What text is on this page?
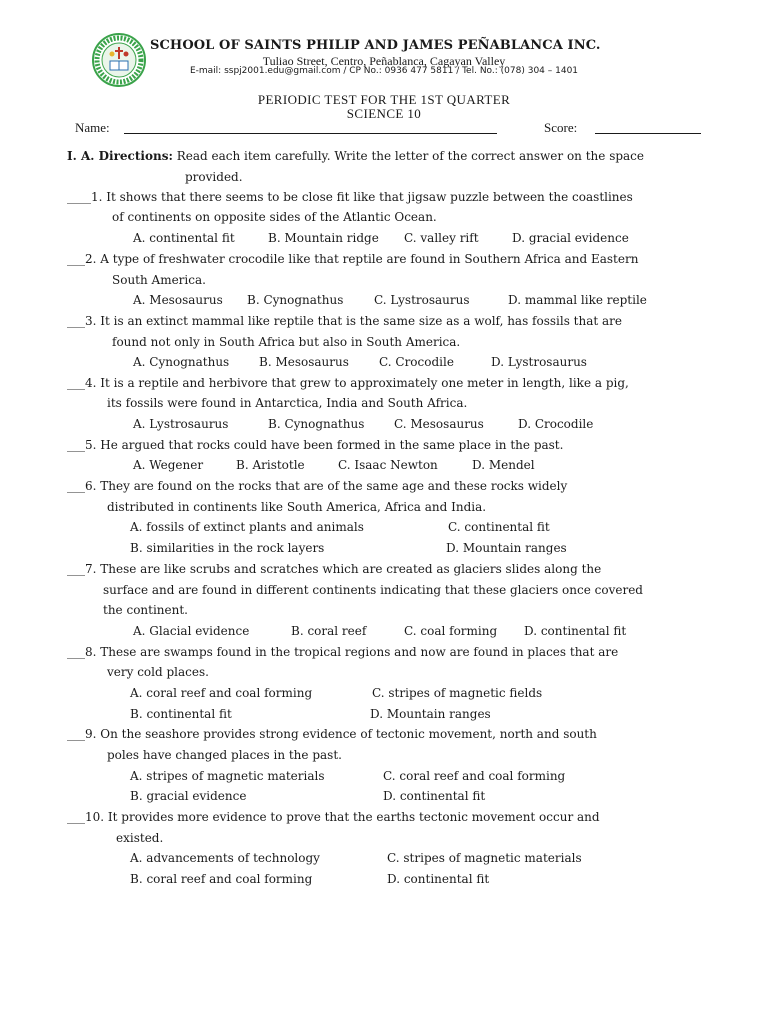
SCHOOL OF SAINTS PHILIP AND JAMES PEÑABLANCA INC.
Tuliao Street, Centro, Peñablanca, Cagayan Valley
E-mail: sspj2001.edu@gmail.com / CP No.: 0936 477 5811 / Tel. No.: (078) 304 – 1401
PERIODIC TEST FOR THE 1ST QUARTER
SCIENCE 10
Name:	Score:
I. A. Directions: Read each item carefully. Write the letter of the correct answer on the space
provided.
____1. It shows that there seems to be close fit like that jigsaw puzzle between the coastlines
of continents on opposite sides of the Atlantic Ocean.
A. continental fit	B. Mountain ridge C. valley rift	D. gracial evidence
___2. A type of freshwater crocodile like that reptile are found in Southern Africa and Eastern
South America.
A. Mesosaurus B. Cynognathus	C. Lystrosaurus	D. mammal like reptile
___3. It is an extinct mammal like reptile that is the same size as a wolf, has fossils that are
found not only in South Africa but also in South America.
A. Cynognathus B. Mesosaurus	C. Crocodile	D. Lystrosaurus
___4. It is a reptile and herbivore that grew to approximately one meter in length, like a pig,
its fossils were found in Antarctica, India and South Africa.
A. Lystrosaurus	B. Cynognathus C. Mesosaurus	D. Crocodile
___5. He argued that rocks could have been formed in the same place in the past.
A. Wegener	B. Aristotle	C. Isaac Newton	D. Mendel
___6. They are found on the rocks that are of the same age and these rocks widely
distributed in continents like South America, Africa and India.
A. fossils of extinct plants and animals	C. continental fit
B. similarities in the rock layers	D. Mountain ranges
___7. These are like scrubs and scratches which are created as glaciers slides along the
surface and are found in different continents indicating that these glaciers once covered
the continent.
A. Glacial evidence	B. coral reef	C. coal forming D. continental fit
___8. These are swamps found in the tropical regions and now are found in places that are
very cold places.
A. coral reef and coal forming	C. stripes of magnetic fields
B. continental fit	D. Mountain ranges
___9. On the seashore provides strong evidence of tectonic movement, north and south
poles have changed places in the past.
A. stripes of magnetic materials	C. coral reef and coal forming
B. gracial evidence	D. continental fit
___10. It provides more evidence to prove that the earths tectonic movement occur and
existed.
A. advancements of technology	C. stripes of magnetic materials
B. coral reef and coal forming	D. continental fit
